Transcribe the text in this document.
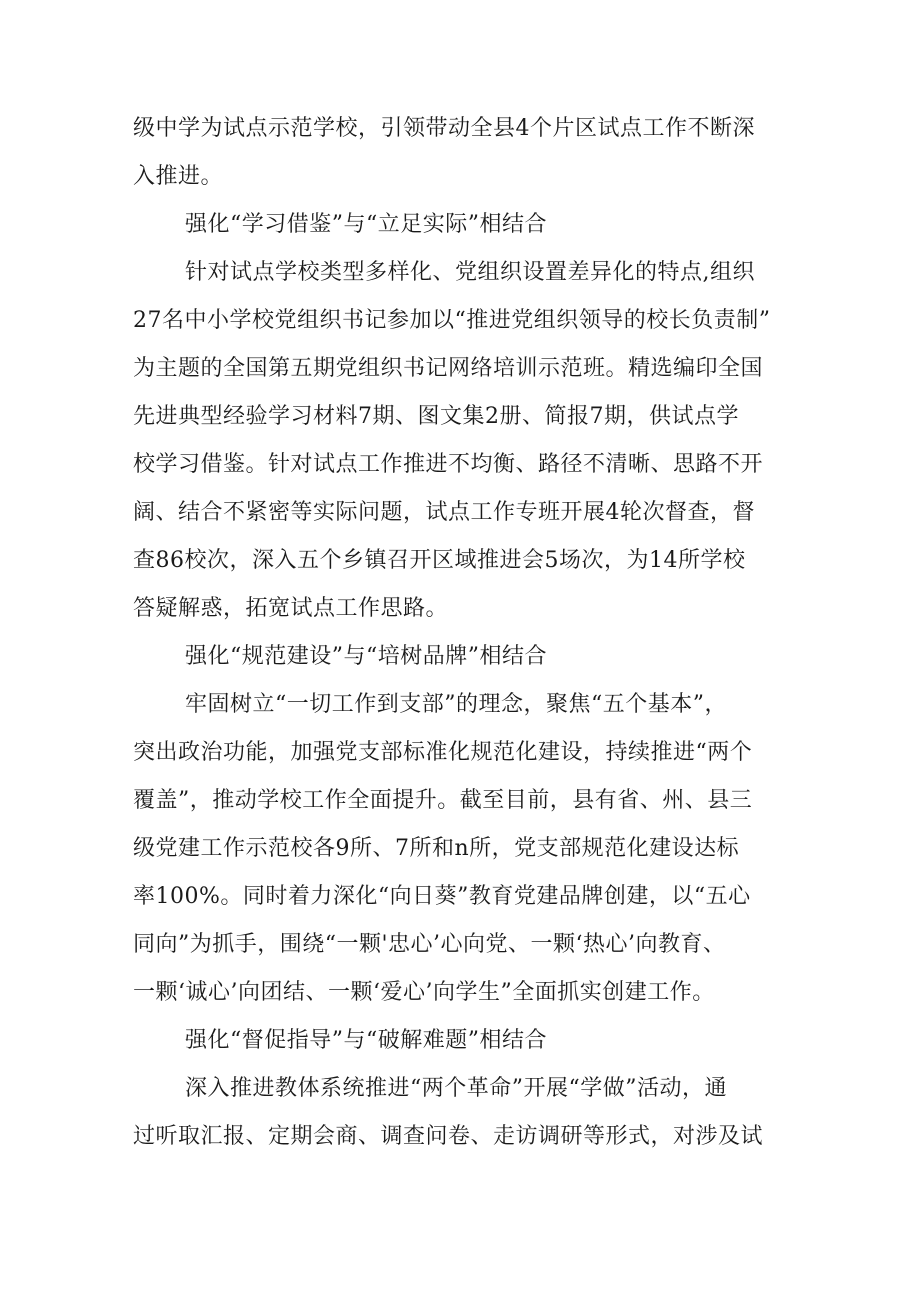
级中学为试点示范学校，引领带动全县4个片区试点工作不断深
入推进。
强化“学习借鉴”与“立足实际”相结合
针对试点学校类型多样化、党组织设置差异化的特点,组织
27名中小学校党组织书记参加以“推进党组织领导的校长负责制”
为主题的全国第五期党组织书记网络培训示范班。精选编印全国
先进典型经验学习材料7期、图文集2册、简报7期，供试点学
校学习借鉴。针对试点工作推进不均衡、路径不清晰、思路不开
阔、结合不紧密等实际问题，试点工作专班开展4轮次督查，督
查86校次，深入五个乡镇召开区域推进会5场次，为14所学校
答疑解惑，拓宽试点工作思路。
强化“规范建设”与“培树品牌”相结合
牢固树立“一切工作到支部”的理念，聚焦“五个基本”，
突出政治功能，加强党支部标准化规范化建设，持续推进“两个
覆盖”，推动学校工作全面提升。截至目前，县有省、州、县三
级党建工作示范校各9所、7所和n所，党支部规范化建设达标
率100%。同时着力深化“向日葵”教育党建品牌创建，以“五心
同向”为抓手，围绕“一颗'忠心’心向党、一颗‘热心’向教育、
一颗‘诚心’向团结、一颗‘爱心’向学生”全面抓实创建工作。
强化“督促指导”与“破解难题”相结合
深入推进教体系统推进“两个革命”开展“学做”活动，通
过听取汇报、定期会商、调查问卷、走访调研等形式，对涉及试
